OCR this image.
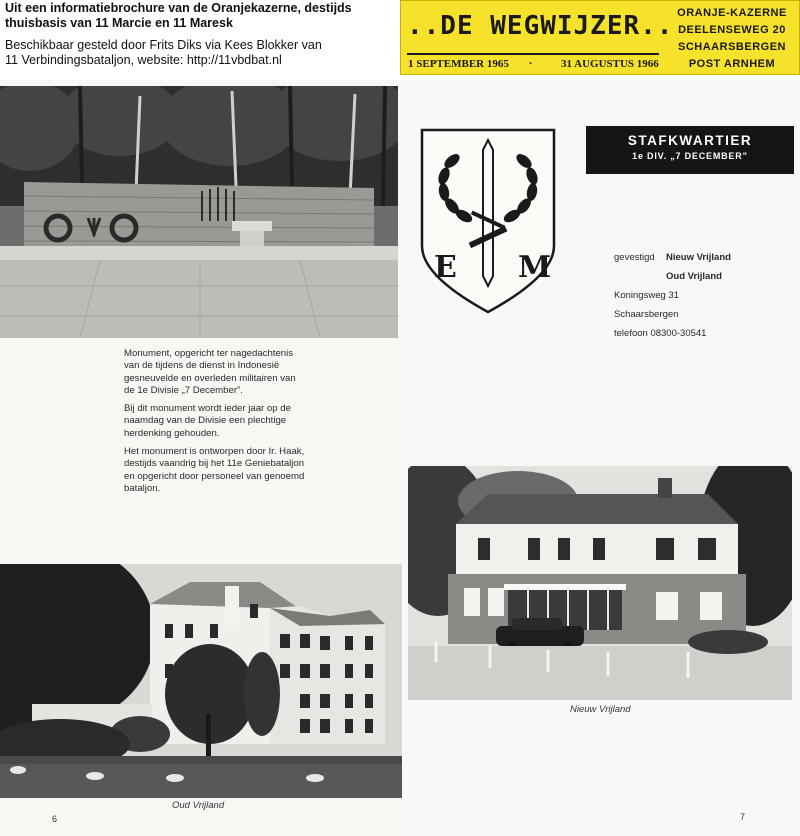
Uit een informatiebrochure van de Oranjekazerne, destijds
thuisbasis van 11 Marcie en 11 Maresk
Beschikbaar gesteld door Frits Diks via Kees Blokker van
11 Verbindingsbataljon, website: http://11vbdbat.nl
..DE WEGWIJZER..
1 SEPTEMBER 1965 ·	31 AUGUSTUS 1966
ORANJE-KAZERNE
DEELENSEWEG 20
SCHAARSBERGEN
POST ARNHEM

Monument, opgericht ter nagedachtenis van de tijdens de dienst in Indonesië gesneuvelde en overleden militairen van de 1e Divisie „7 December”.

Bij dit monument wordt ieder jaar op de naamdag van de Divisie een plechtige herdenking gehouden.

Het monument is ontworpen door Ir. Haak, destijds vaandrig bij het 11e Geniebataljon en opgericht door personeel van genoemd bataljon.

Oud Vrijland
6
E M
STAFKWARTIER
1e DIV. „7 DECEMBER”
gevestigd Nieuw Vrijland
Oud Vrijland
Koningsweg 31
Schaarsbergen
telefoon 08300-30541
Nieuw Vrijland
7
